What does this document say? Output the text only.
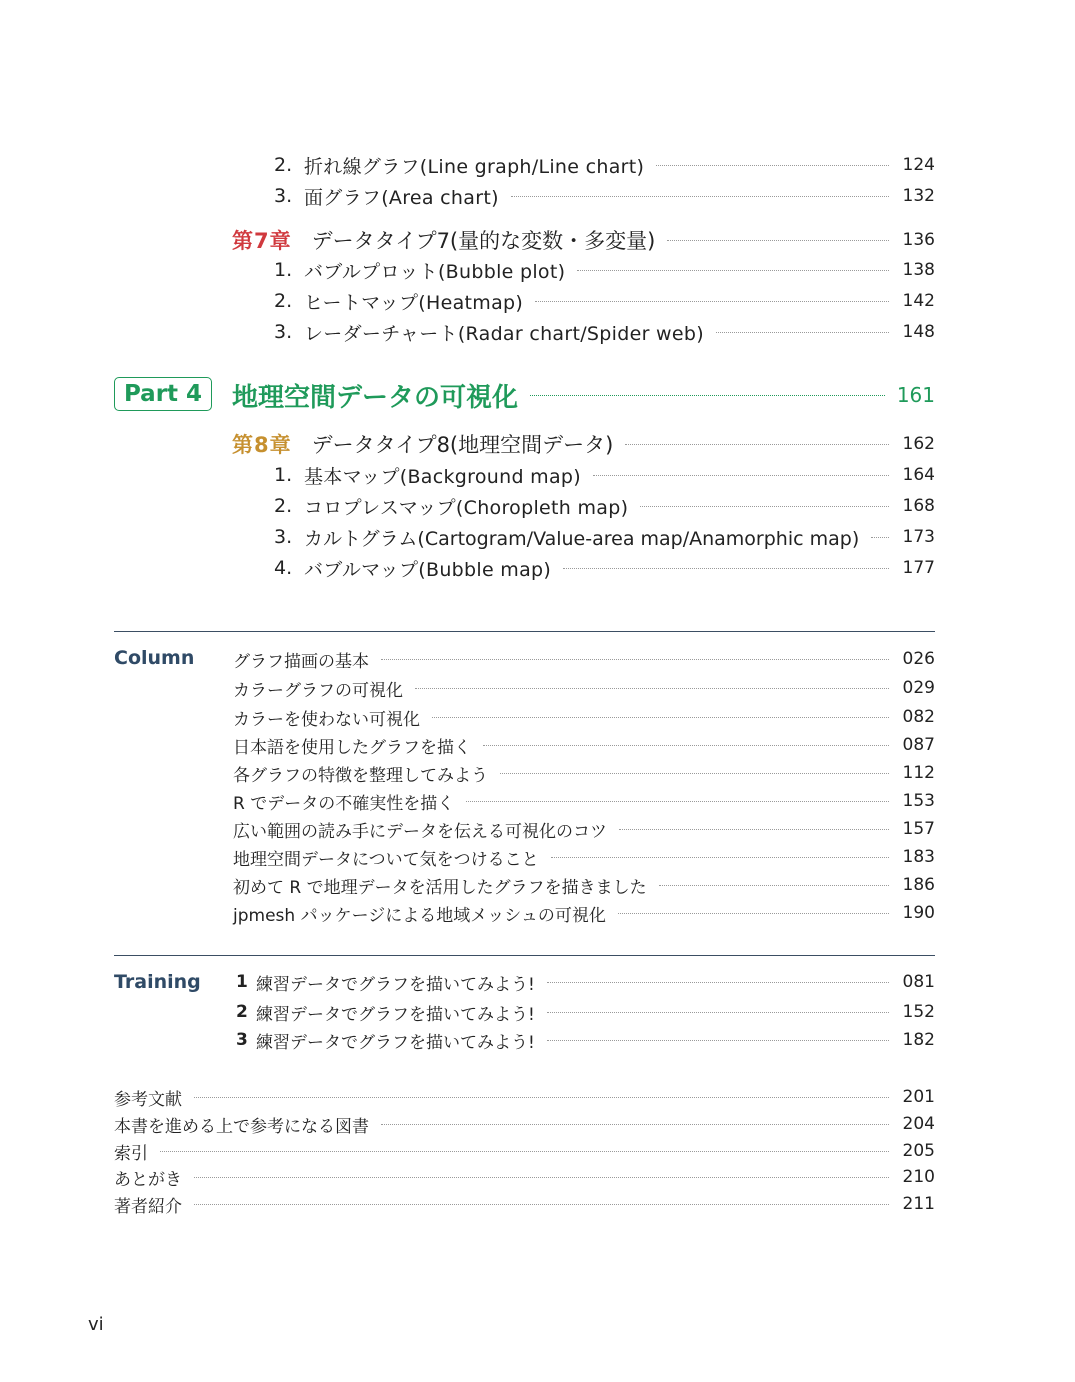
2. 折れ線グラフ(Line graph/Line chart)	124
3. 面グラフ(Area chart)	132
第7章 データタイプ7(量的な変数・多変量)	136
1. バブルプロット(Bubble plot)	138
2. ヒートマップ(Heatmap)	142
3. レーダーチャート(Radar chart/Spider web)	148
Part 4	地理空間データの可視化	161
第8章 データタイプ8(地理空間データ)	162
1. 基本マップ(Background map)	164
2. コロプレスマップ(Choropleth map)	168
3. カルトグラム(Cartogram/Value-area map/Anamorphic map)	173
4. バブルマップ(Bubble map)	177
Column グラフ描画の基本	026
カラーグラフの可視化	029
カラーを使わない可視化	082
日本語を使用したグラフを描く	087
各グラフの特徴を整理してみよう	112
R でデータの不確実性を描く	153
広い範囲の読み手にデータを伝える可視化のコツ	157
地理空間データについて気をつけること	183
初めて R で地理データを活用したグラフを描きました	186
jpmesh パッケージによる地域メッシュの可視化	190
Training 1 練習データでグラフを描いてみよう!	081
2 練習データでグラフを描いてみよう!	152
3 練習データでグラフを描いてみよう!	182
参考文献	201
本書を進める上で参考になる図書	204
索引	205
あとがき	210
著者紹介	211
vi
